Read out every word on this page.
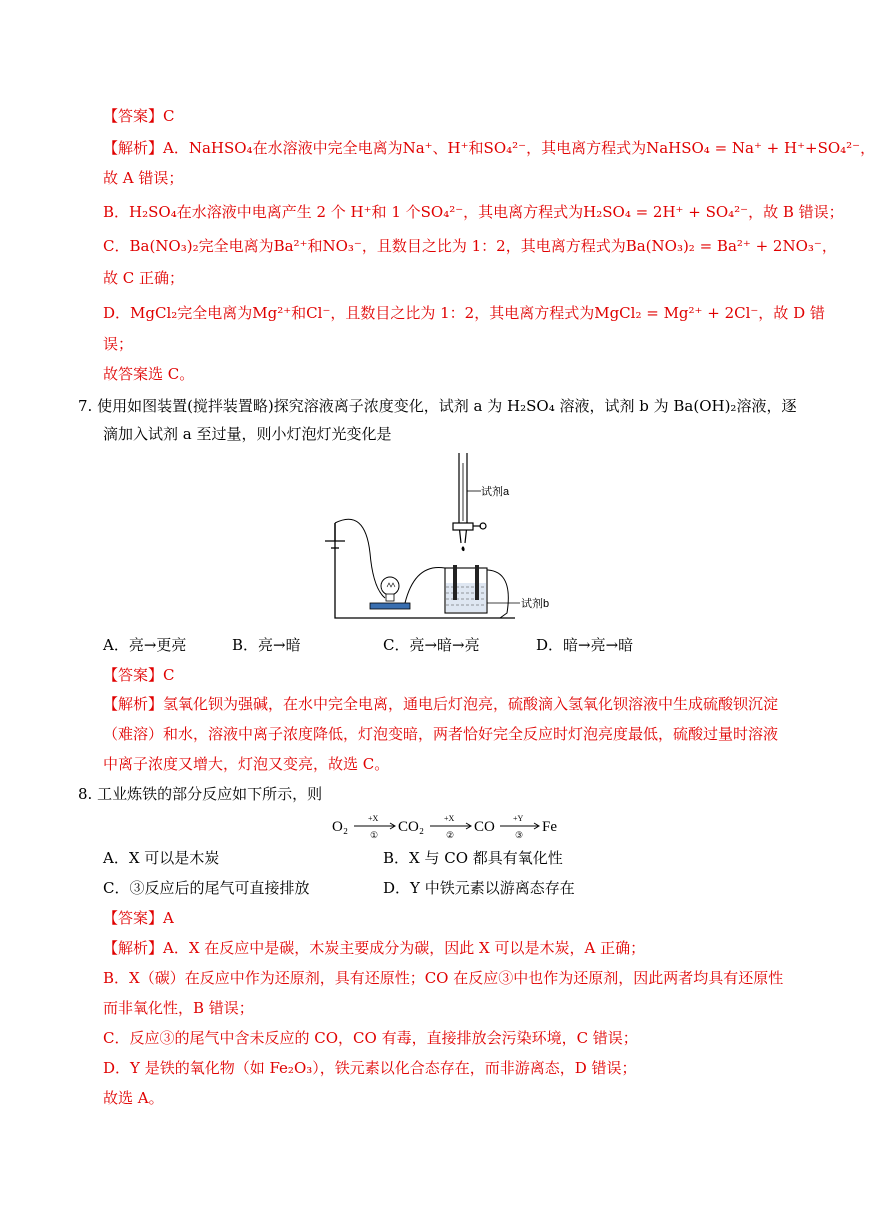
【答案】C
【解析】A．NaHSO₄在水溶液中完全电离为Na⁺、H⁺和SO₄²⁻，其电离方程式为NaHSO₄ = Na⁺ + H⁺+SO₄²⁻，
故 A 错误；
B．H₂SO₄在水溶液中电离产生 2 个 H⁺和 1 个SO₄²⁻，其电离方程式为H₂SO₄ = 2H⁺ + SO₄²⁻，故 B 错误；
C．Ba(NO₃)₂完全电离为Ba²⁺和NO₃⁻，且数目之比为 1：2，其电离方程式为Ba(NO₃)₂ = Ba²⁺ + 2NO₃⁻，
故 C 正确；
D．MgCl₂完全电离为Mg²⁺和Cl⁻，且数目之比为 1：2，其电离方程式为MgCl₂ = Mg²⁺ + 2Cl⁻，故 D 错
误；
故答案选 C。
7. 使用如图装置(搅拌装置略)探究溶液离子浓度变化，试剂 a 为 H₂SO₄ 溶液，试剂 b 为 Ba(OH)₂溶液，逐
滴加入试剂 a 至过量，则小灯泡灯光变化是
试剂a
试剂b
A．亮→更亮	B．亮→暗	C．亮→暗→亮	D．暗→亮→暗
【答案】C
【解析】氢氧化钡为强碱，在水中完全电离，通电后灯泡亮，硫酸滴入氢氧化钡溶液中生成硫酸钡沉淀
（难溶）和水，溶液中离子浓度降低，灯泡变暗，两者恰好完全反应时灯泡亮度最低，硫酸过量时溶液
中离子浓度又增大，灯泡又变亮，故选 C。
8. 工业炼铁的部分反应如下所示，则
O₂	CO₂	CO	Fe
+X
①
+X
②
+Y
③
A．X 可以是木炭	B．X 与 CO 都具有氧化性
C．③反应后的尾气可直接排放	D．Y 中铁元素以游离态存在
【答案】A
【解析】A．X 在反应中是碳，木炭主要成分为碳，因此 X 可以是木炭，A 正确；
B．X（碳）在反应中作为还原剂，具有还原性；CO 在反应③中也作为还原剂，因此两者均具有还原性
而非氧化性，B 错误；
C．反应③的尾气中含未反应的 CO，CO 有毒，直接排放会污染环境，C 错误；
D．Y 是铁的氧化物（如 Fe₂O₃），铁元素以化合态存在，而非游离态，D 错误；
故选 A。
